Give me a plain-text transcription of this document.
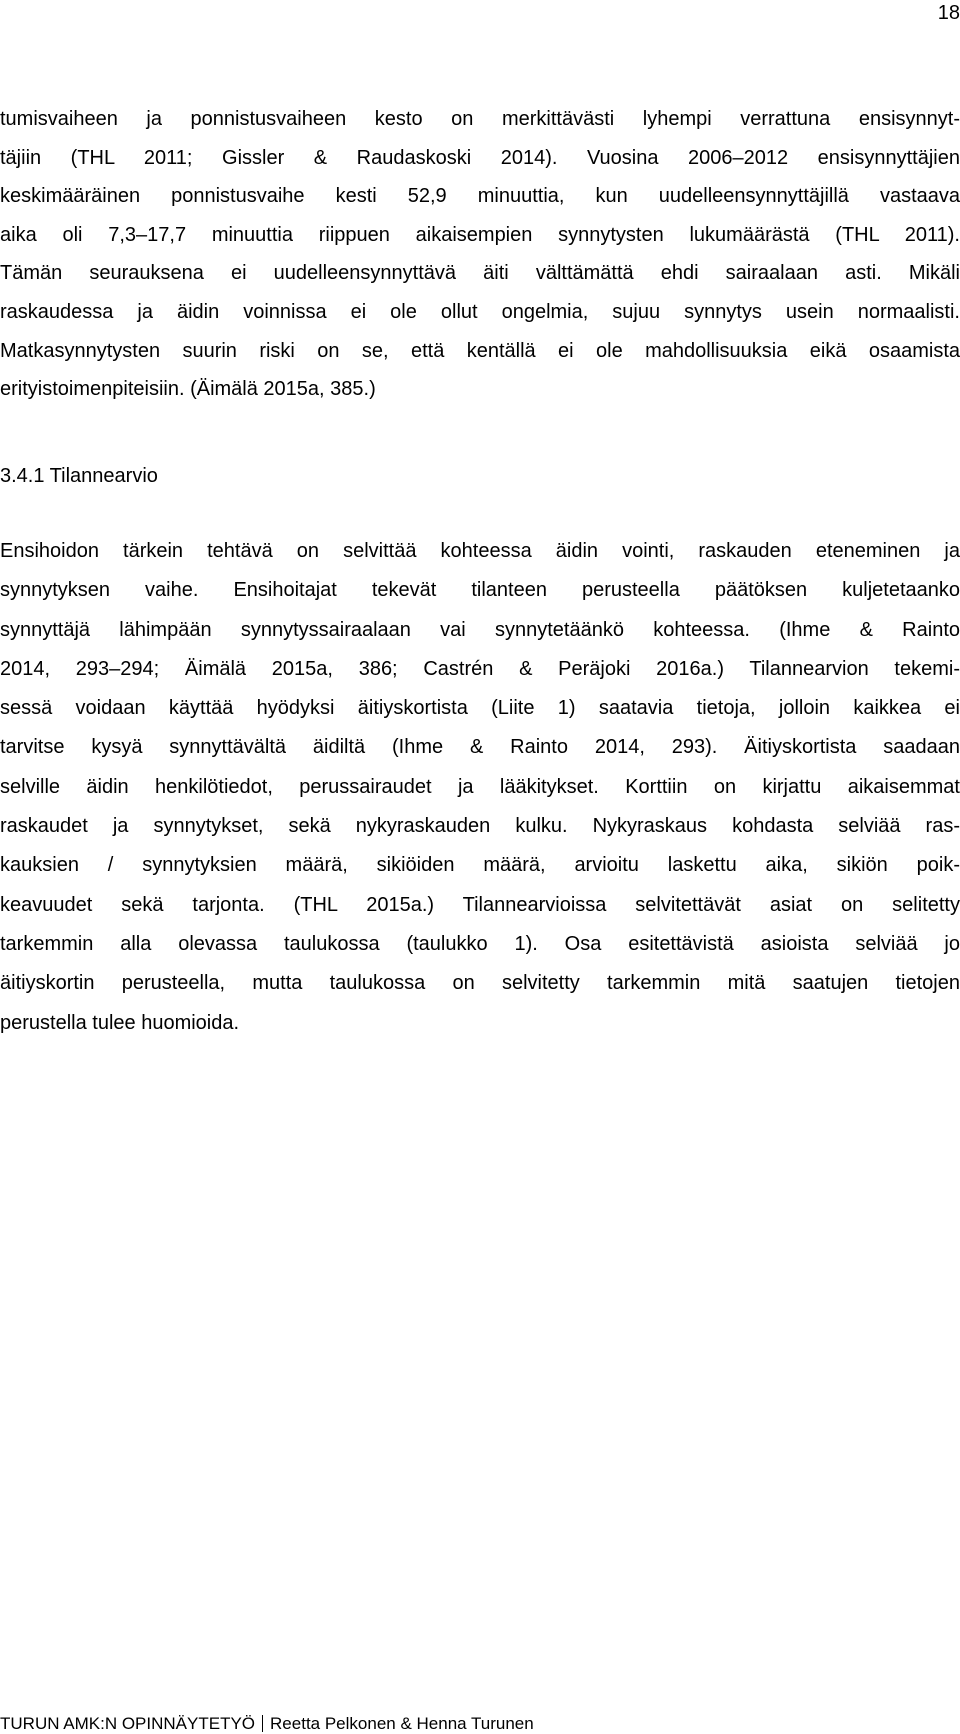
18
tumisvaiheen ja ponnistusvaiheen kesto on merkittävästi lyhempi verrattuna ensisynnyt-
täjiin (THL 2011; Gissler & Raudaskoski 2014). Vuosina 2006–2012 ensisynnyttäjien
keskimääräinen ponnistusvaihe kesti 52,9 minuuttia, kun uudelleensynnyttäjillä vastaava
aika oli 7,3–17,7 minuuttia riippuen aikaisempien synnytysten lukumäärästä (THL 2011).
Tämän seurauksena ei uudelleensynnyttävä äiti välttämättä ehdi sairaalaan asti. Mikäli
raskaudessa ja äidin voinnissa ei ole ollut ongelmia, sujuu synnytys usein normaalisti.
Matkasynnytysten suurin riski on se, että kentällä ei ole mahdollisuuksia eikä osaamista
erityistoimenpiteisiin. (Äimälä 2015a, 385.)
3.4.1 Tilannearvio
Ensihoidon tärkein tehtävä on selvittää kohteessa äidin vointi, raskauden eteneminen ja
synnytyksen vaihe. Ensihoitajat tekevät tilanteen perusteella päätöksen kuljetetaanko
synnyttäjä lähimpään synnytyssairaalaan vai synnytetäänkö kohteessa. (Ihme & Rainto
2014, 293–294; Äimälä 2015a, 386; Castrén & Peräjoki 2016a.) Tilannearvion tekemi-
sessä voidaan käyttää hyödyksi äitiyskortista (Liite 1) saatavia tietoja, jolloin kaikkea ei
tarvitse kysyä synnyttävältä äidiltä (Ihme & Rainto 2014, 293). Äitiyskortista saadaan
selville äidin henkilötiedot, perussairaudet ja lääkitykset. Korttiin on kirjattu aikaisemmat
raskaudet ja synnytykset, sekä nykyraskauden kulku. Nykyraskaus kohdasta selviää ras-
kauksien / synnytyksien määrä, sikiöiden määrä, arvioitu laskettu aika, sikiön poik-
keavuudet sekä tarjonta. (THL 2015a.) Tilannearvioissa selvitettävät asiat on selitetty
tarkemmin alla olevassa taulukossa (taulukko 1). Osa esitettävistä asioista selviää jo
äitiyskortin perusteella, mutta taulukossa on selvitetty tarkemmin mitä saatujen tietojen
perustella tulee huomioida.
TURUN AMK:N OPINNÄYTETYÖ Reetta Pelkonen & Henna Turunen
